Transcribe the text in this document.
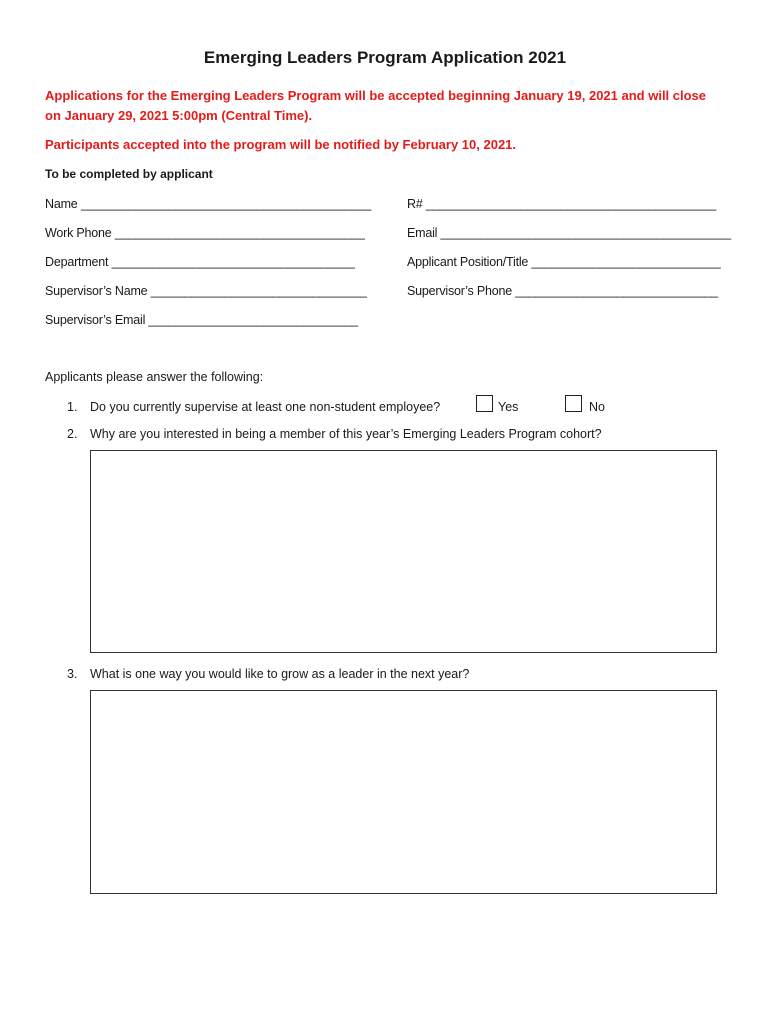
Emerging Leaders Program Application 2021
Applications for the Emerging Leaders Program will be accepted beginning January 19, 2021 and will close
on January 29, 2021 5:00pm (Central Time).
Participants accepted into the program will be notified by February 10, 2021.
To be completed by applicant
Name ___________________________________________	R# ___________________________________________
Work Phone _____________________________________	Email ___________________________________________
Department ____________________________________	Applicant Position/Title ____________________________
Supervisor’s Name ________________________________	Supervisor’s Phone ______________________________
Supervisor’s Email _______________________________
Applicants please answer the following:
1. Do you currently supervise at least one non-student employee?	Yes	No
2. Why are you interested in being a member of this year’s Emerging Leaders Program cohort?
3. What is one way you would like to grow as a leader in the next year?
